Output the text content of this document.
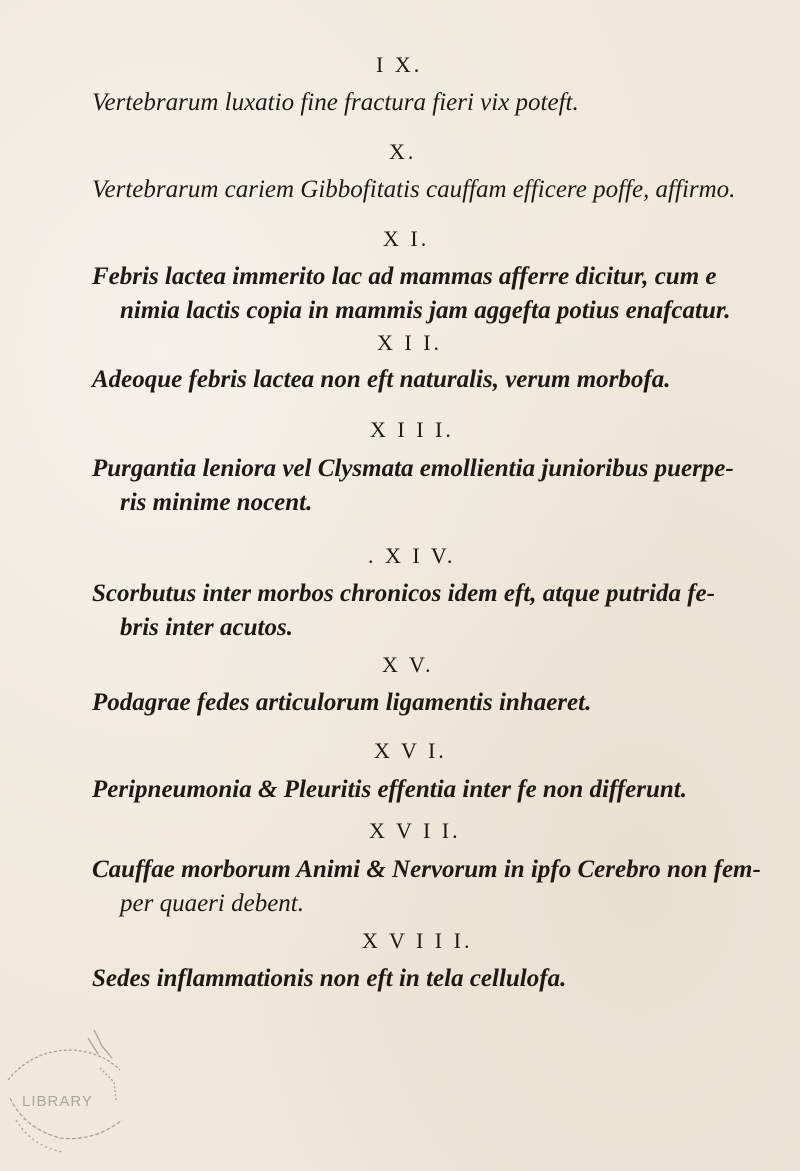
I X.
Vertebrarum luxatio fine fractura fieri vix poteft.
X.
Vertebrarum cariem Gibbofitatis cauffam efficere poffe, affirmo.
X I.
Febris lactea immerito lac ad mammas afferre dicitur, cum e
nimia lactis copia in mammis jam aggefta potius enafcatur.
X I I.
Adeoque febris lactea non eft naturalis, verum morbofa.
X I I I.
Purgantia leniora vel Clysmata emollientia junioribus puerpe-
ris minime nocent.
. X I V.
Scorbutus inter morbos chronicos idem eft, atque putrida fe-
bris inter acutos.
X V.
Podagrae fedes articulorum ligamentis inhaeret.
X V I.
Peripneumonia & Pleuritis effentia inter fe non differunt.
X V I I.
Cauffae morborum Animi & Nervorum in ipfo Cerebro non fem-
per quaeri debent.
X V I I I.
Sedes inflammationis non eft in tela cellulofa.
LIBRARY
